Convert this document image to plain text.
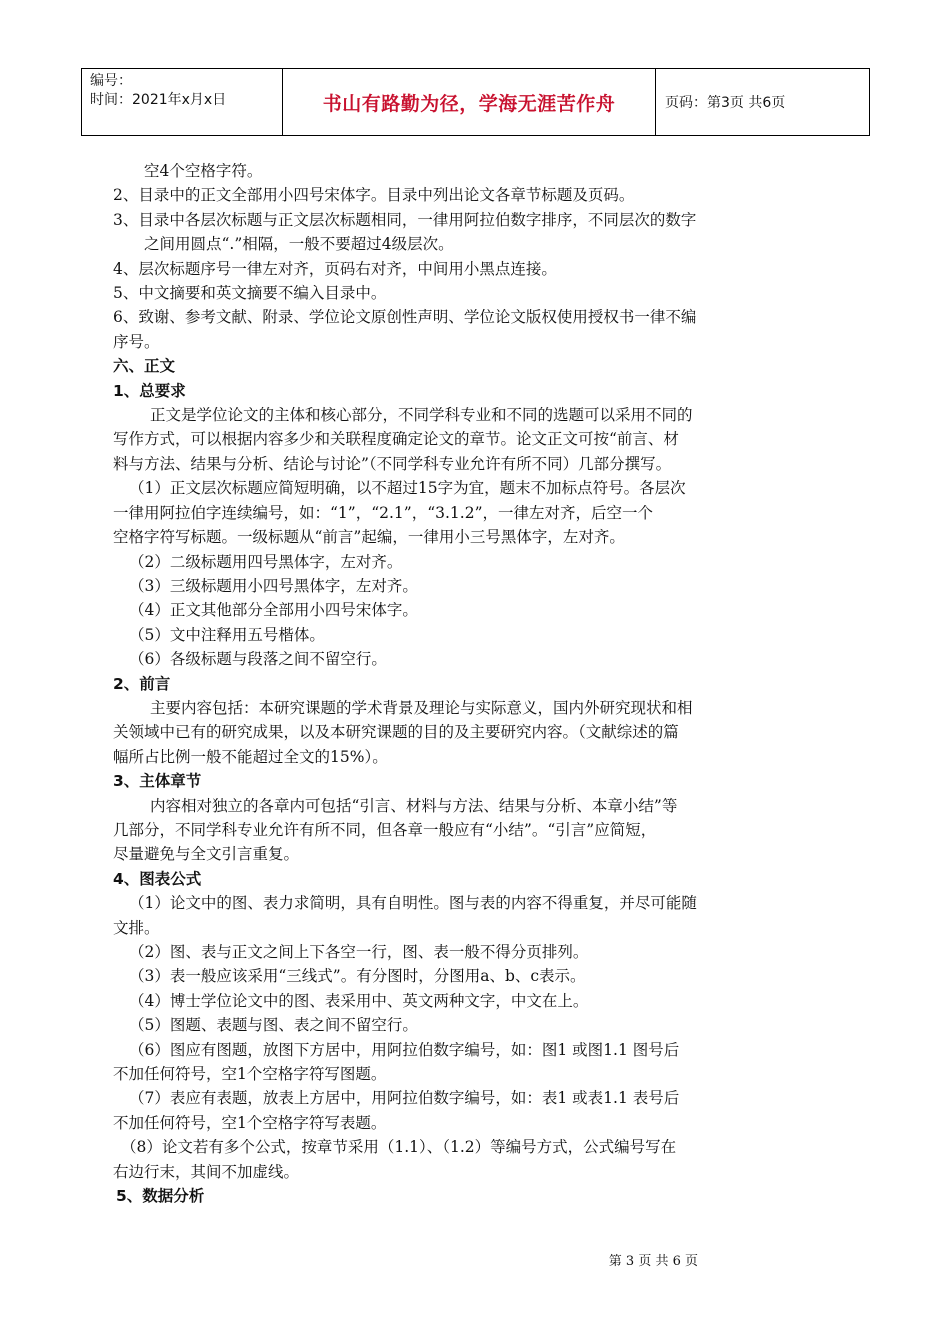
编号：
时间：2021年x月x日	书山有路勤为径，学海无涯苦作舟	页码：第3页 共6页
空4个空格字符。
2、目录中的正文全部用小四号宋体字。目录中列出论文各章节标题及页码。
3、目录中各层次标题与正文层次标题相同，一律用阿拉伯数字排序，不同层次的数字
之间用圆点“.”相隔，一般不要超过4级层次。
4、层次标题序号一律左对齐，页码右对齐，中间用小黑点连接。
5、中文摘要和英文摘要不编入目录中。
6、致谢、参考文献、附录、学位论文原创性声明、学位论文版权使用授权书一律不编
序号。
六、正文
1、总要求
正文是学位论文的主体和核心部分，不同学科专业和不同的选题可以采用不同的
写作方式，可以根据内容多少和关联程度确定论文的章节。论文正文可按“前言、材
料与方法、结果与分析、结论与讨论”（不同学科专业允许有所不同）几部分撰写。
（1）正文层次标题应简短明确，以不超过15字为宜，题末不加标点符号。各层次
一律用阿拉伯字连续编号，如：“1”，“2.1”，“3.1.2”，一律左对齐，后空一个
空格字符写标题。一级标题从“前言”起编，一律用小三号黑体字，左对齐。
（2）二级标题用四号黑体字，左对齐。
（3）三级标题用小四号黑体字，左对齐。
（4）正文其他部分全部用小四号宋体字。
（5）文中注释用五号楷体。
（6）各级标题与段落之间不留空行。
2、前言
主要内容包括：本研究课题的学术背景及理论与实际意义，国内外研究现状和相
关领域中已有的研究成果，以及本研究课题的目的及主要研究内容。（文献综述的篇
幅所占比例一般不能超过全文的15%）。
3、主体章节
内容相对独立的各章内可包括“引言、材料与方法、结果与分析、本章小结”等
几部分，不同学科专业允许有所不同，但各章一般应有“小结”。“引言”应简短，
尽量避免与全文引言重复。
4、图表公式
（1）论文中的图、表力求简明，具有自明性。图与表的内容不得重复，并尽可能随
文排。
（2）图、表与正文之间上下各空一行，图、表一般不得分页排列。
（3）表一般应该采用“三线式”。有分图时，分图用a、b、c表示。
（4）博士学位论文中的图、表采用中、英文两种文字，中文在上。
（5）图题、表题与图、表之间不留空行。
（6）图应有图题，放图下方居中，用阿拉伯数字编号，如：图1 或图1.1 图号后
不加任何符号，空1个空格字符写图题。
（7）表应有表题，放表上方居中，用阿拉伯数字编号，如：表1 或表1.1 表号后
不加任何符号，空1个空格字符写表题。
（8）论文若有多个公式，按章节采用（1.1）、（1.2）等编号方式，公式编号写在
右边行末，其间不加虚线。
5、数据分析
第 3 页 共 6 页
